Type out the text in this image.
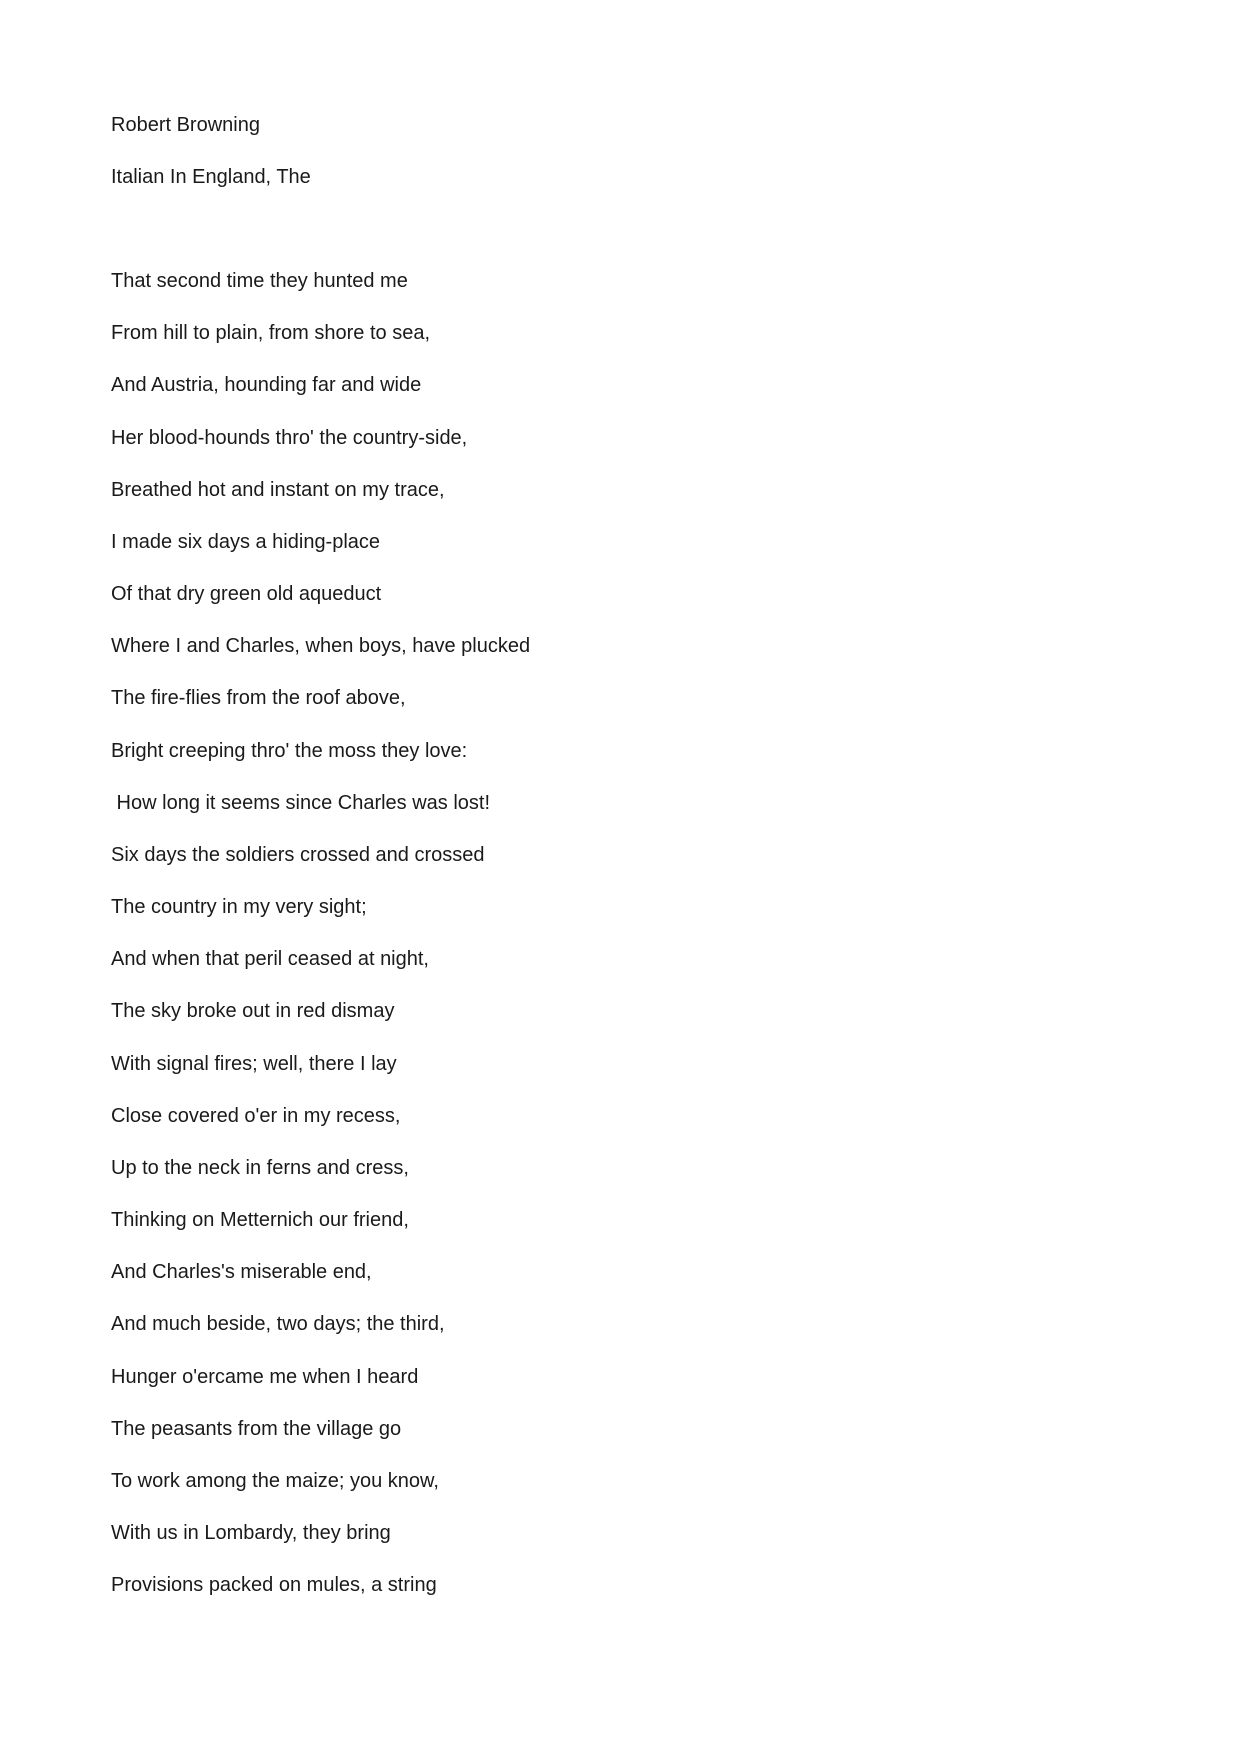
Robert Browning

Italian In England, The

That second time they hunted me

From hill to plain, from shore to sea,

And Austria, hounding far and wide

Her blood-hounds thro' the country-side,

Breathed hot and instant on my trace,

I made six days a hiding-place

Of that dry green old aqueduct

Where I and Charles, when boys, have plucked

The fire-flies from the roof above,

Bright creeping thro' the moss they love:

How long it seems since Charles was lost!

Six days the soldiers crossed and crossed

The country in my very sight;

And when that peril ceased at night,

The sky broke out in red dismay

With signal fires; well, there I lay

Close covered o'er in my recess,

Up to the neck in ferns and cress,

Thinking on Metternich our friend,

And Charles's miserable end,

And much beside, two days; the third,

Hunger o'ercame me when I heard

The peasants from the village go

To work among the maize; you know,

With us in Lombardy, they bring

Provisions packed on mules, a string
